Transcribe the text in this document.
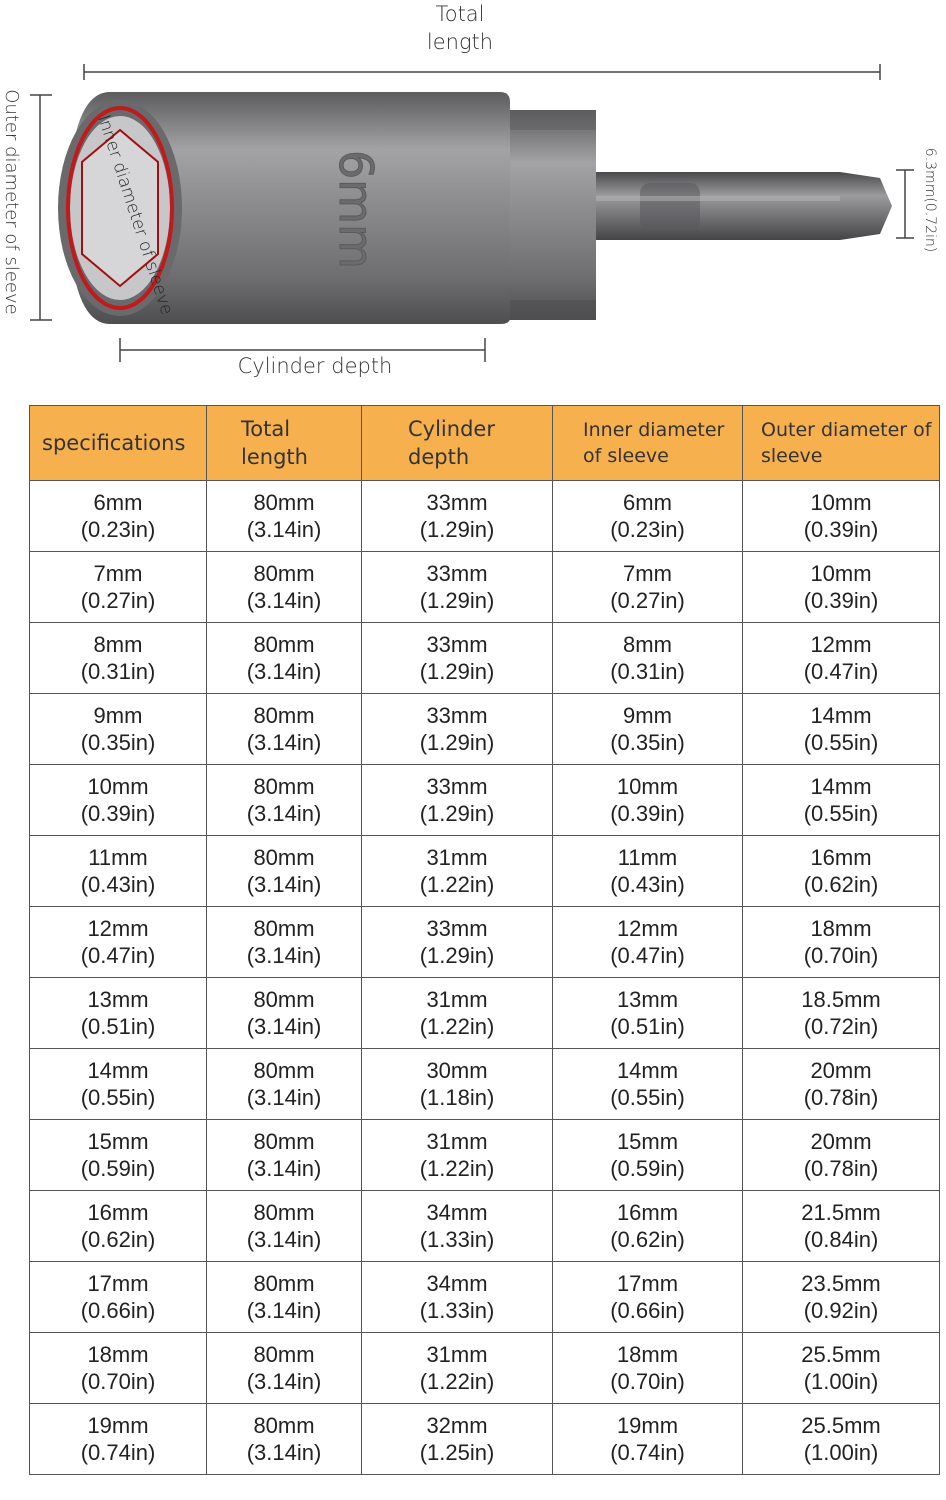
6mm
Total
length
Cylinder depth
Outer diameter of sleeve	6.3mm(0.72in)
Inner diameter of sleeve
specifications	Total length	Cylinder depth	Inner diameter of sleeve	Outer diameter of sleeve

6mm
(0.23in)	80mm
(3.14in)	33mm
(1.29in)	6mm
(0.23in)	10mm
(0.39in)

7mm
(0.27in)	80mm
(3.14in)	33mm
(1.29in)	7mm
(0.27in)	10mm
(0.39in)

8mm
(0.31in)	80mm
(3.14in)	33mm
(1.29in)	8mm
(0.31in)	12mm
(0.47in)

9mm
(0.35in)	80mm
(3.14in)	33mm
(1.29in)	9mm
(0.35in)	14mm
(0.55in)

10mm
(0.39in)	80mm
(3.14in)	33mm
(1.29in)	10mm
(0.39in)	14mm
(0.55in)

11mm
(0.43in)	80mm
(3.14in)	31mm
(1.22in)	11mm
(0.43in)	16mm
(0.62in)

12mm
(0.47in)	80mm
(3.14in)	33mm
(1.29in)	12mm
(0.47in)	18mm
(0.70in)

13mm
(0.51in)	80mm
(3.14in)	31mm
(1.22in)	13mm
(0.51in)	18.5mm
(0.72in)

14mm
(0.55in)	80mm
(3.14in)	30mm
(1.18in)	14mm
(0.55in)	20mm
(0.78in)

15mm
(0.59in)	80mm
(3.14in)	31mm
(1.22in)	15mm
(0.59in)	20mm
(0.78in)

16mm
(0.62in)	80mm
(3.14in)	34mm
(1.33in)	16mm
(0.62in)	21.5mm
(0.84in)

17mm
(0.66in)	80mm
(3.14in)	34mm
(1.33in)	17mm
(0.66in)	23.5mm
(0.92in)

18mm
(0.70in)	80mm
(3.14in)	31mm
(1.22in)	18mm
(0.70in)	25.5mm
(1.00in)

19mm
(0.74in)	80mm
(3.14in)	32mm
(1.25in)	19mm
(0.74in)	25.5mm
(1.00in)
